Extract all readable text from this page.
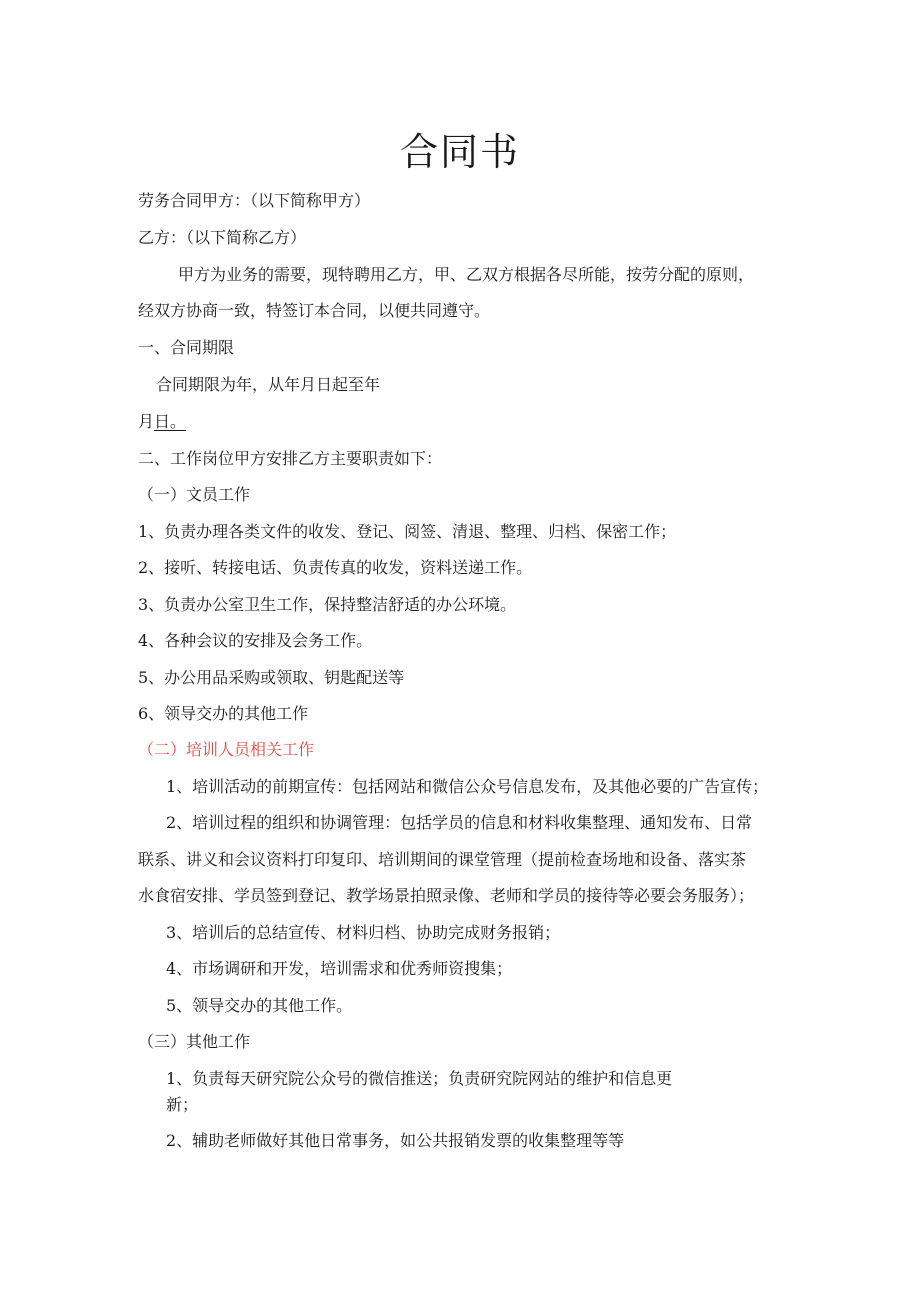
合同书

劳务合同甲方：（以下简称甲方）

乙方：（以下简称乙方）

甲方为业务的需要，现特聘用乙方，甲、乙双方根据各尽所能，按劳分配的原则，

经双方协商一致，特签订本合同，以便共同遵守。

一、合同期限

合同期限为年，从年月日起至年

月日。

二、工作岗位甲方安排乙方主要职责如下：

（一）文员工作

1、负责办理各类文件的收发、登记、阅签、清退、整理、归档、保密工作；

2、接听、转接电话、负责传真的收发，资料送递工作。

3、负责办公室卫生工作，保持整洁舒适的办公环境。

4、各种会议的安排及会务工作。

5、办公用品采购或领取、钥匙配送等

6、领导交办的其他工作

（二）培训人员相关工作

1、培训活动的前期宣传：包括网站和微信公众号信息发布，及其他必要的广告宣传；

2、培训过程的组织和协调管理：包括学员的信息和材料收集整理、通知发布、日常

联系、讲义和会议资料打印复印、培训期间的课堂管理（提前检查场地和设备、落实茶

水食宿安排、学员签到登记、教学场景拍照录像、老师和学员的接待等必要会务服务）；

3、培训后的总结宣传、材料归档、协助完成财务报销；

4、市场调研和开发，培训需求和优秀师资搜集；

5、领导交办的其他工作。

（三）其他工作

1、负责每天研究院公众号的微信推送；负责研究院网站的维护和信息更

新；

2、辅助老师做好其他日常事务，如公共报销发票的收集整理等等
